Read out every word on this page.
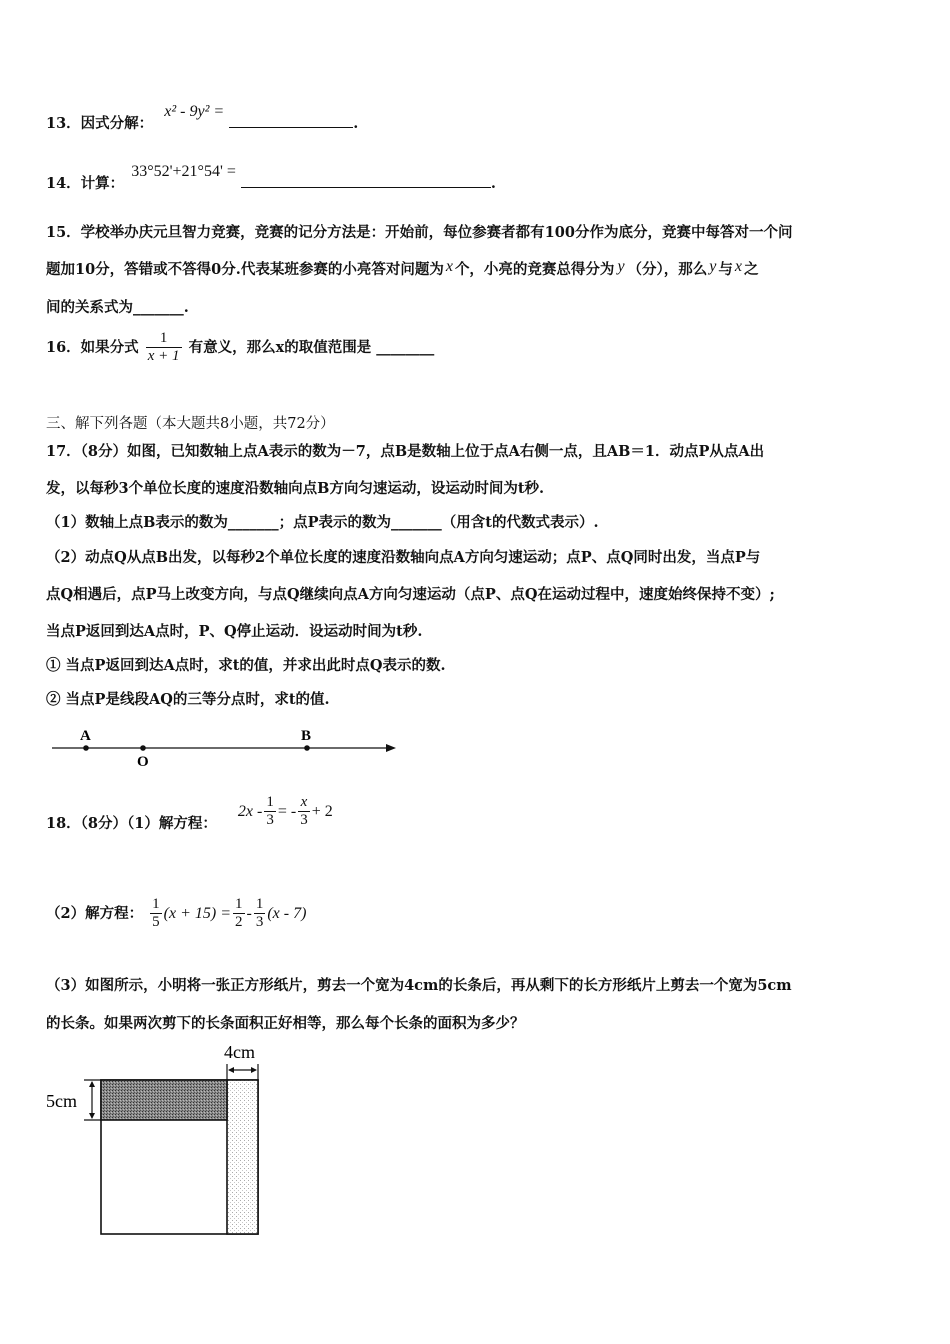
13．因式分解： x² - 9y² = .
14．计算： 33°52'+21°54' = .
15．学校举办庆元旦智力竞赛，竞赛的记分方法是：开始前，每位参赛者都有100分作为底分，竞赛中每答对一个问
题加10分，答错或不答得0分.代表某班参赛的小亮答对问题为 x 个，小亮的竞赛总得分为 y （分），那么 y 与 x 之
间的关系式为_______.
16．如果分式 $\frac{1}{x + 1}$ 有意义，那么x的取值范围是 ________
三、解下列各题（本大题共8小题，共72分）
17．（8分）如图，已知数轴上点A表示的数为－7，点B是数轴上位于点A右侧一点，且AB＝1．动点P从点A出
发，以每秒3个单位长度的速度沿数轴向点B方向匀速运动，设运动时间为t秒.
（1）数轴上点B表示的数为_______；点P表示的数为_______（用含t的代数式表示）.
（2）动点Q从点B出发，以每秒2个单位长度的速度沿数轴向点A方向匀速运动；点P、点Q同时出发，当点P与
点Q相遇后，点P马上改变方向，与点Q继续向点A方向匀速运动（点P、点Q在运动过程中，速度始终保持不变）;
当点P返回到达A点时，P、Q停止运动．设运动时间为t秒.
① 当点P返回到达A点时，求t的值，并求出此时点Q表示的数.
② 当点P是线段AQ的三等分点时，求t的值.
A
O
B
18．（8分）（1）解方程：
$2x - \frac{1}{3}$ = - $\frac{x}{3} + 2$
（2）解方程： $\frac{1}{5} (x + 15) = \frac{1}{2} - \frac{1}{3} (x - 7)$
（3）如图所示，小明将一张正方形纸片，剪去一个宽为4cm的长条后，再从剩下的长方形纸片上剪去一个宽为5cm
的长条。如果两次剪下的长条面积正好相等，那么每个长条的面积为多少？
4cm
5cm
